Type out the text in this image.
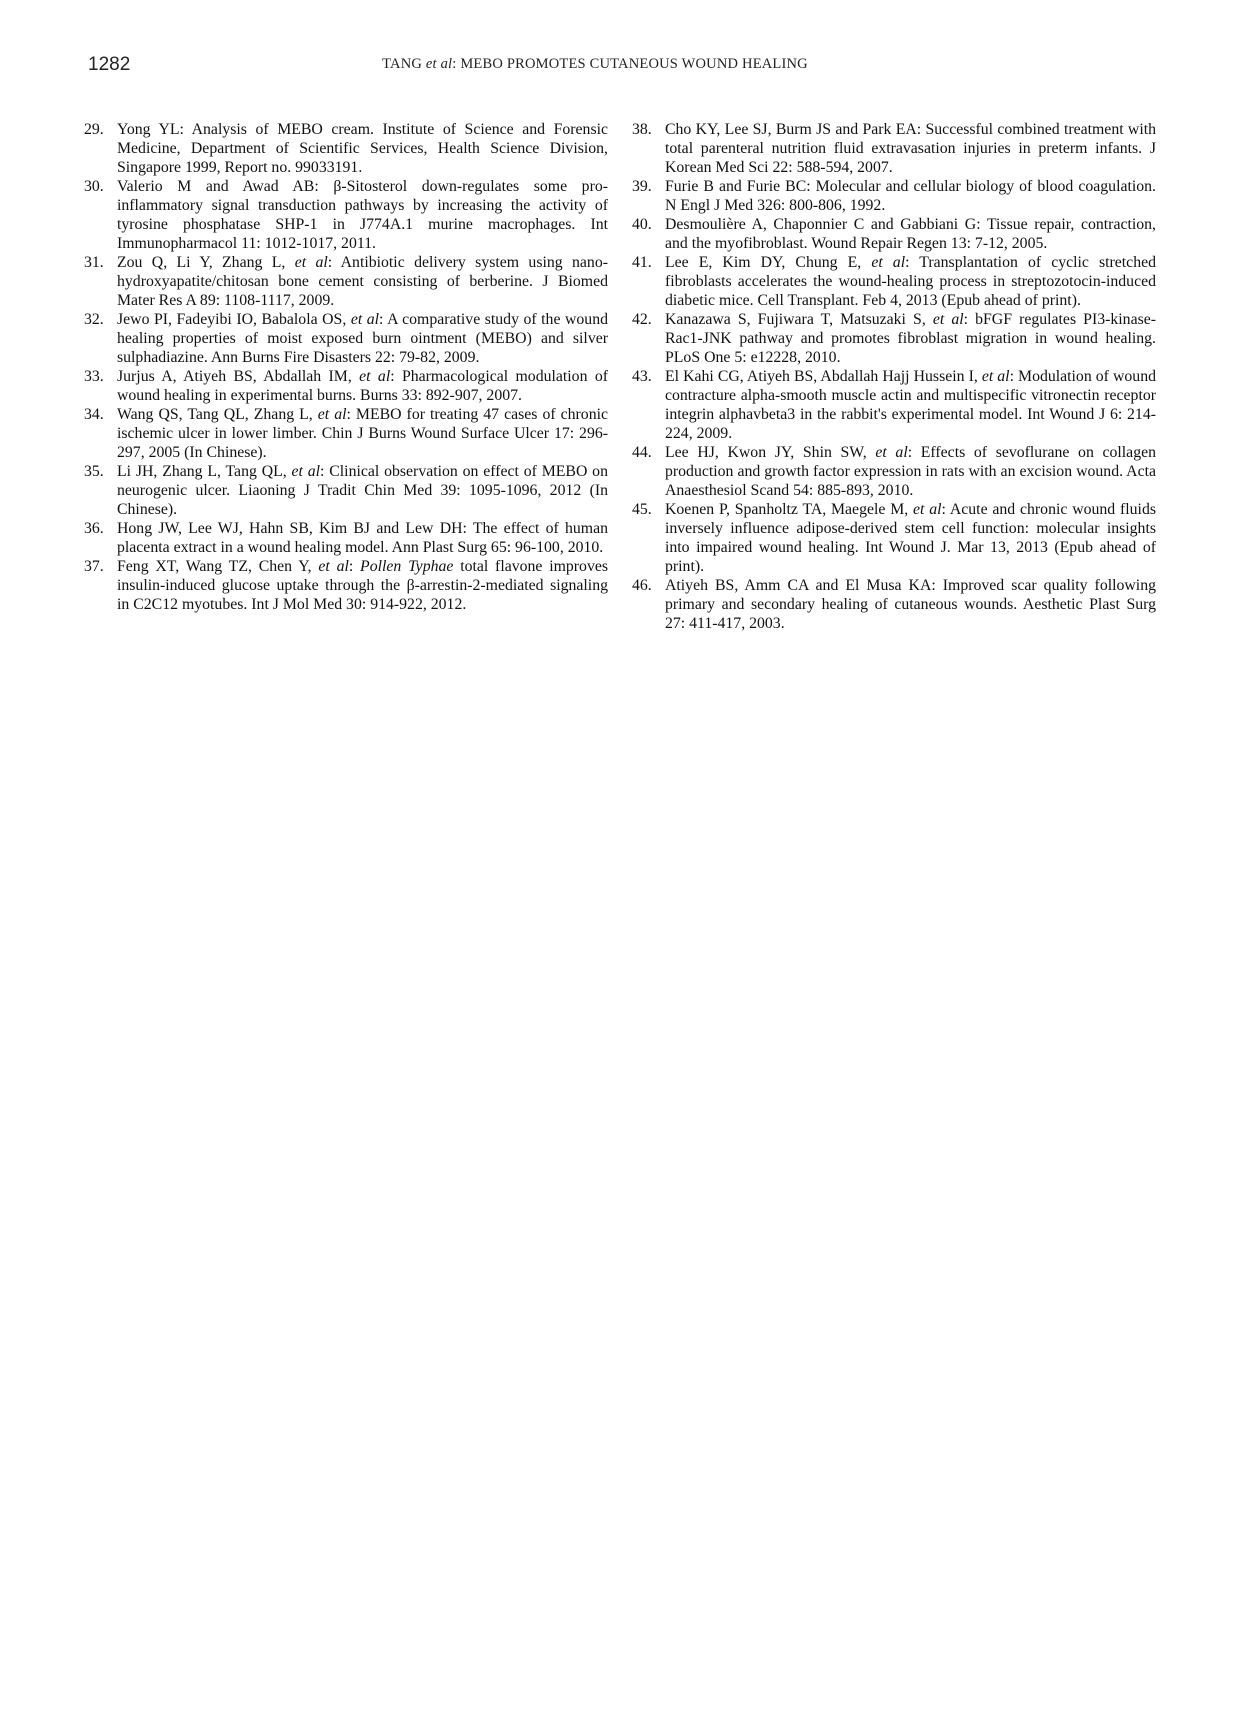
1282	TANG et al: MEBO PROMOTES CUTANEOUS WOUND HEALING

29. Yong YL: Analysis of MEBO cream. Institute of Science and Forensic Medicine, Department of Scientific Services, Health Science Division, Singapore 1999, Report no. 99033191.

30. Valerio M and Awad AB: β-Sitosterol down-regulates some pro-inflammatory signal transduction pathways by increasing the activity of tyrosine phosphatase SHP-1 in J774A.1 murine macrophages. Int Immunopharmacol 11: 1012-1017, 2011.

31. Zou Q, Li Y, Zhang L, et al: Antibiotic delivery system using nano-hydroxyapatite/chitosan bone cement consisting of berberine. J Biomed Mater Res A 89: 1108-1117, 2009.

32. Jewo PI, Fadeyibi IO, Babalola OS, et al: A comparative study of the wound healing properties of moist exposed burn ointment (MEBO) and silver sulphadiazine. Ann Burns Fire Disasters 22: 79-82, 2009.

33. Jurjus A, Atiyeh BS, Abdallah IM, et al: Pharmacological modulation of wound healing in experimental burns. Burns 33: 892-907, 2007.

34. Wang QS, Tang QL, Zhang L, et al: MEBO for treating 47 cases of chronic ischemic ulcer in lower limber. Chin J Burns Wound Surface Ulcer 17: 296-297, 2005 (In Chinese).

35. Li JH, Zhang L, Tang QL, et al: Clinical observation on effect of MEBO on neurogenic ulcer. Liaoning J Tradit Chin Med 39: 1095-1096, 2012 (In Chinese).

36. Hong JW, Lee WJ, Hahn SB, Kim BJ and Lew DH: The effect of human placenta extract in a wound healing model. Ann Plast Surg 65: 96-100, 2010.

37. Feng XT, Wang TZ, Chen Y, et al: Pollen Typhae total flavone improves insulin-induced glucose uptake through the β-arrestin-2-mediated signaling in C2C12 myotubes. Int J Mol Med 30: 914-922, 2012.

38. Cho KY, Lee SJ, Burm JS and Park EA: Successful combined treatment with total parenteral nutrition fluid extravasation injuries in preterm infants. J Korean Med Sci 22: 588-594, 2007.

39. Furie B and Furie BC: Molecular and cellular biology of blood coagulation. N Engl J Med 326: 800-806, 1992.

40. Desmoulière A, Chaponnier C and Gabbiani G: Tissue repair, contraction, and the myofibroblast. Wound Repair Regen 13: 7-12, 2005.

41. Lee E, Kim DY, Chung E, et al: Transplantation of cyclic stretched fibroblasts accelerates the wound-healing process in streptozotocin-induced diabetic mice. Cell Transplant. Feb 4, 2013 (Epub ahead of print).

42. Kanazawa S, Fujiwara T, Matsuzaki S, et al: bFGF regulates PI3-kinase-Rac1-JNK pathway and promotes fibroblast migration in wound healing. PLoS One 5: e12228, 2010.

43. El Kahi CG, Atiyeh BS, Abdallah Hajj Hussein I, et al: Modulation of wound contracture alpha-smooth muscle actin and multispecific vitronectin receptor integrin alphavbeta3 in the rabbit's experimental model. Int Wound J 6: 214-224, 2009.

44. Lee HJ, Kwon JY, Shin SW, et al: Effects of sevoflurane on collagen production and growth factor expression in rats with an excision wound. Acta Anaesthesiol Scand 54: 885-893, 2010.

45. Koenen P, Spanholtz TA, Maegele M, et al: Acute and chronic wound fluids inversely influence adipose-derived stem cell function: molecular insights into impaired wound healing. Int Wound J. Mar 13, 2013 (Epub ahead of print).

46. Atiyeh BS, Amm CA and El Musa KA: Improved scar quality following primary and secondary healing of cutaneous wounds. Aesthetic Plast Surg 27: 411-417, 2003.
